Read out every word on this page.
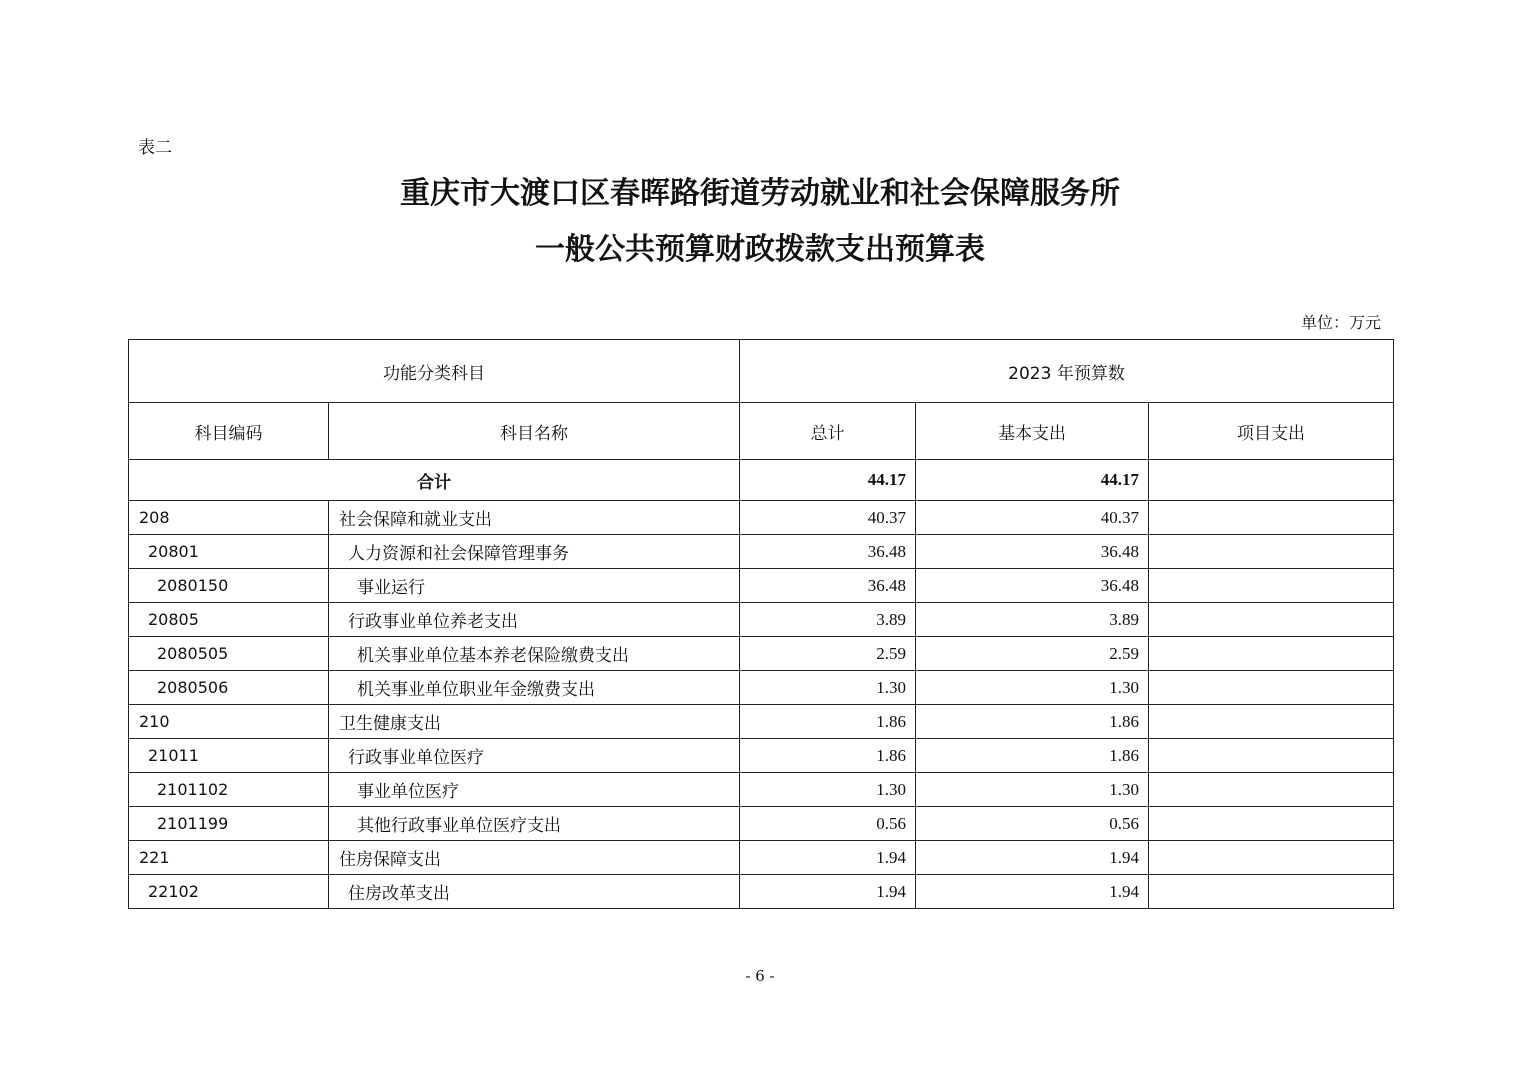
表二
重庆市大渡口区春晖路街道劳动就业和社会保障服务所
一般公共预算财政拨款支出预算表
单位：万元
功能分类科目		2023 年预算数		
科目编码	科目名称	总计	基本支出	项目支出
合计		44.17	44.17	
208	社会保障和就业支出	40.37	40.37	
20801	人力资源和社会保障管理事务	36.48	36.48	
2080150	事业运行	36.48	36.48	
20805	行政事业单位养老支出	3.89	3.89	
2080505	机关事业单位基本养老保险缴费支出	2.59	2.59	
2080506	机关事业单位职业年金缴费支出	1.30	1.30	
210	卫生健康支出	1.86	1.86	
21011	行政事业单位医疗	1.86	1.86	
2101102	事业单位医疗	1.30	1.30	
2101199	其他行政事业单位医疗支出	0.56	0.56	
221	住房保障支出	1.94	1.94	
22102	住房改革支出	1.94	1.94	
- 6 -
